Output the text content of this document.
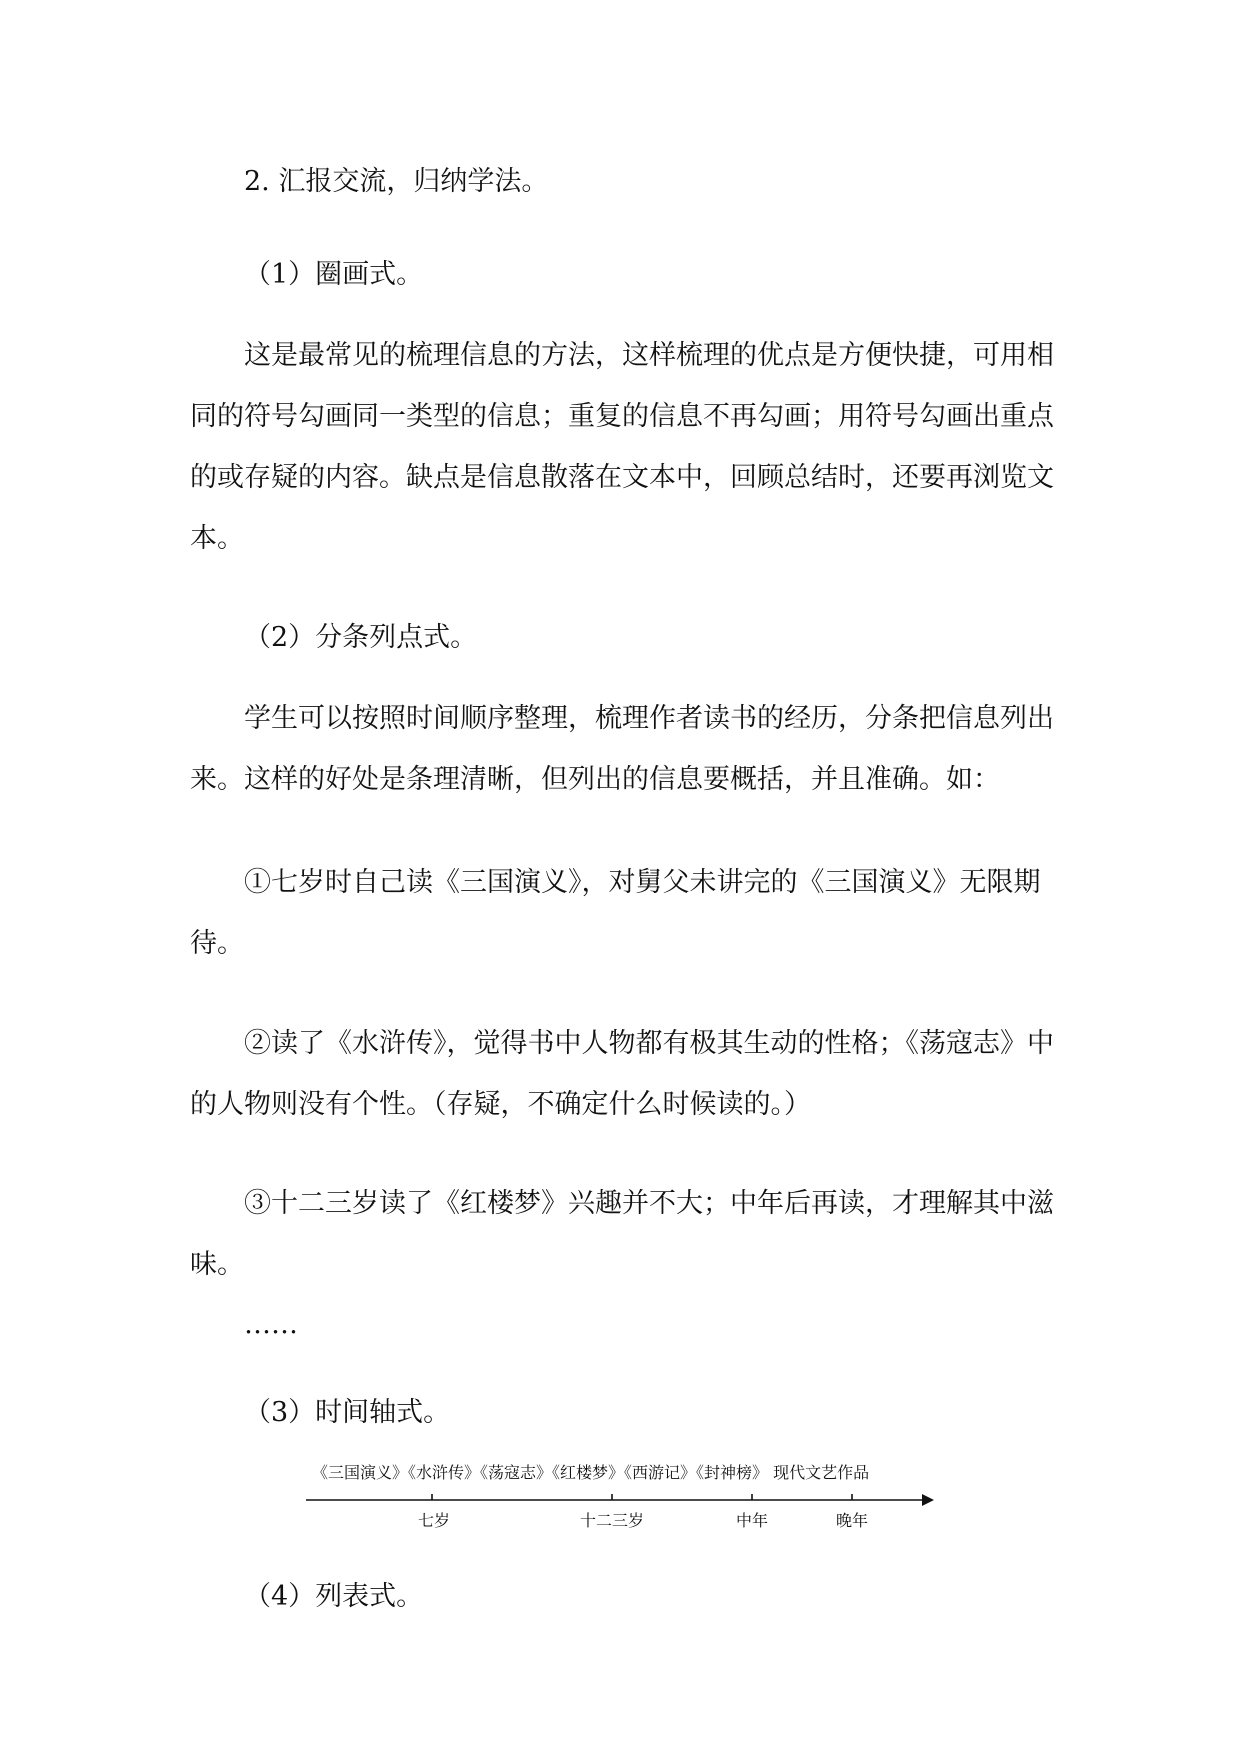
2. 汇报交流，归纳学法。

（1）圈画式。

这是最常见的梳理信息的方法，这样梳理的优点是方便快捷，可用相同的符号勾画同一类型的信息；重复的信息不再勾画；用符号勾画出重点的或存疑的内容。缺点是信息散落在文本中，回顾总结时，还要再浏览文本。

（2）分条列点式。

学生可以按照时间顺序整理，梳理作者读书的经历，分条把信息列出来。这样的好处是条理清晰，但列出的信息要概括，并且准确。如：

①七岁时自己读《三国演义》，对舅父未讲完的《三国演义》无限期待。

②读了《水浒传》，觉得书中人物都有极其生动的性格；《荡寇志》中的人物则没有个性。（存疑，不确定什么时候读的。）

③十二三岁读了《红楼梦》兴趣并不大；中年后再读，才理解其中滋味。

……

（3）时间轴式。

《三国演义》《水浒传》《荡寇志》《红楼梦》《西游记》《封神榜》 现代文艺作品
七岁	十二三岁	中年	晚年

（4）列表式。
